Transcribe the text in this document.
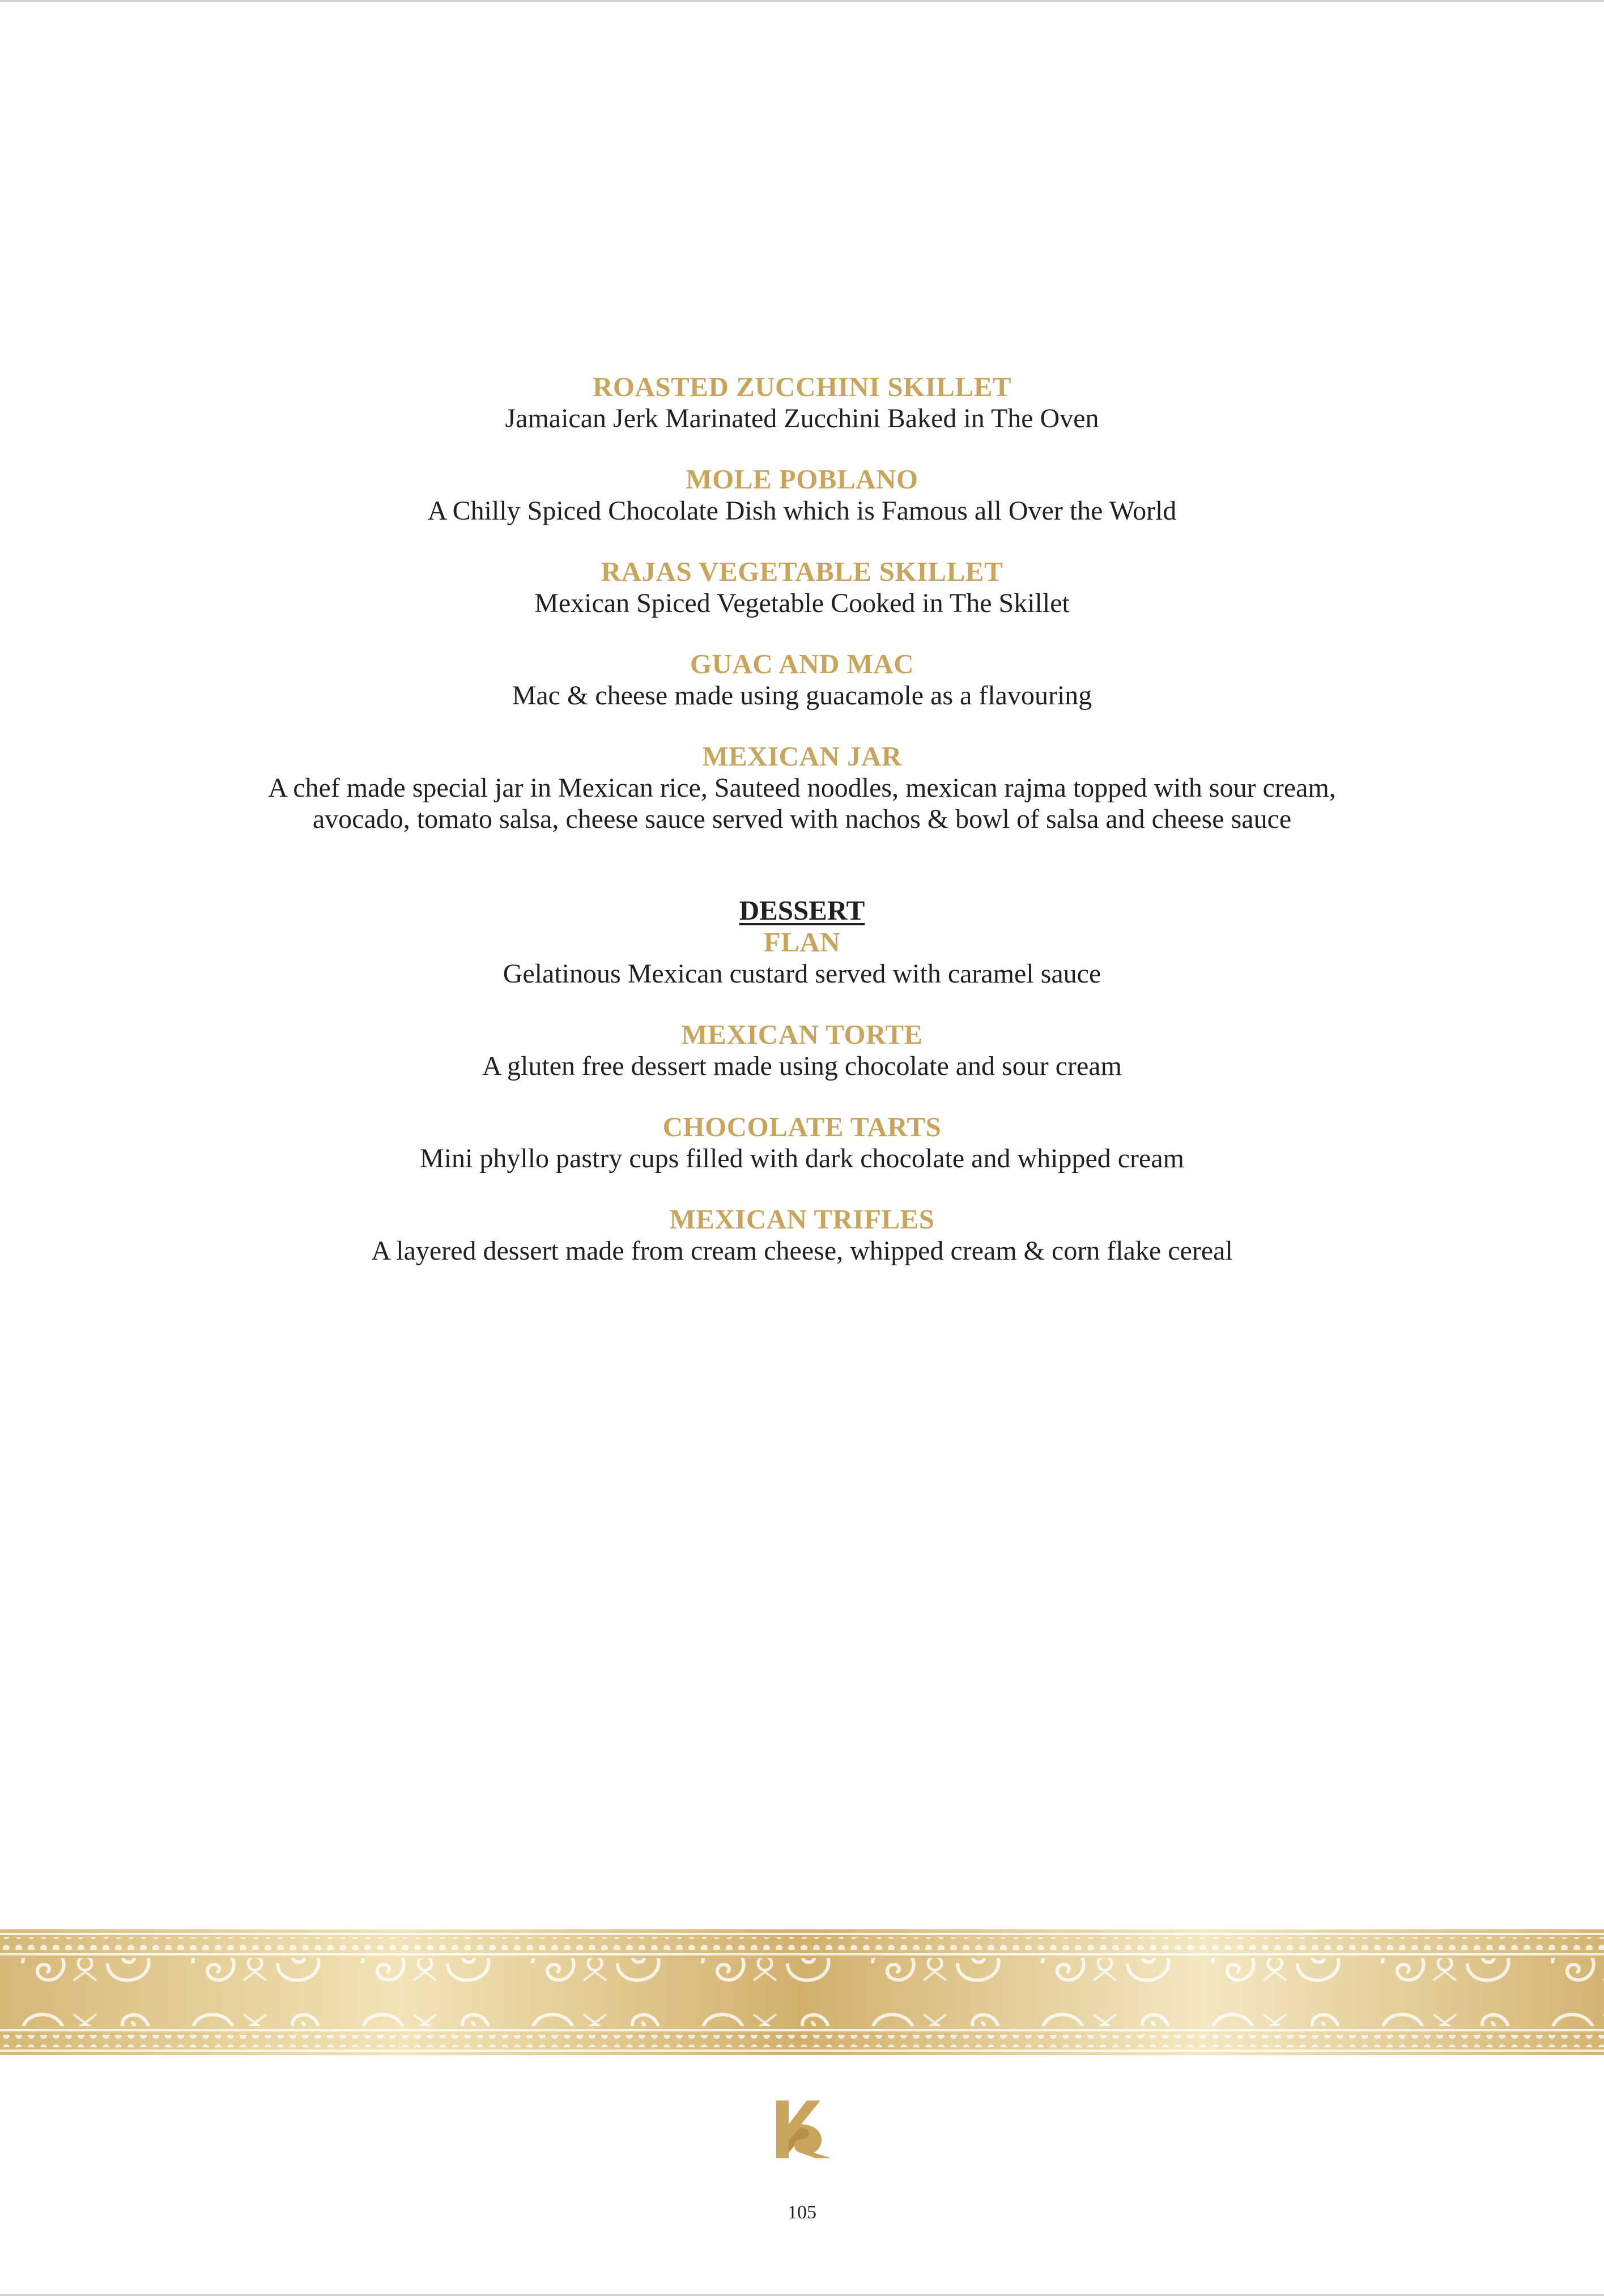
ROASTED ZUCCHINI SKILLET
Jamaican Jerk Marinated Zucchini Baked in The Oven
MOLE POBLANO
A Chilly Spiced Chocolate Dish which is Famous all Over the World
RAJAS VEGETABLE SKILLET
Mexican Spiced Vegetable Cooked in The Skillet
GUAC AND MAC
Mac & cheese made using guacamole as a flavouring
MEXICAN JAR
A chef made special jar in Mexican rice, Sauteed noodles, mexican rajma topped with sour cream, avocado, tomato salsa, cheese sauce served with nachos & bowl of salsa and cheese sauce
DESSERT
FLAN
Gelatinous Mexican custard served with caramel sauce
MEXICAN TORTE
A gluten free dessert made using chocolate and sour cream
CHOCOLATE TARTS
Mini phyllo pastry cups filled with dark chocolate and whipped cream
MEXICAN TRIFLES
A layered dessert made from cream cheese, whipped cream & corn flake cereal
105
